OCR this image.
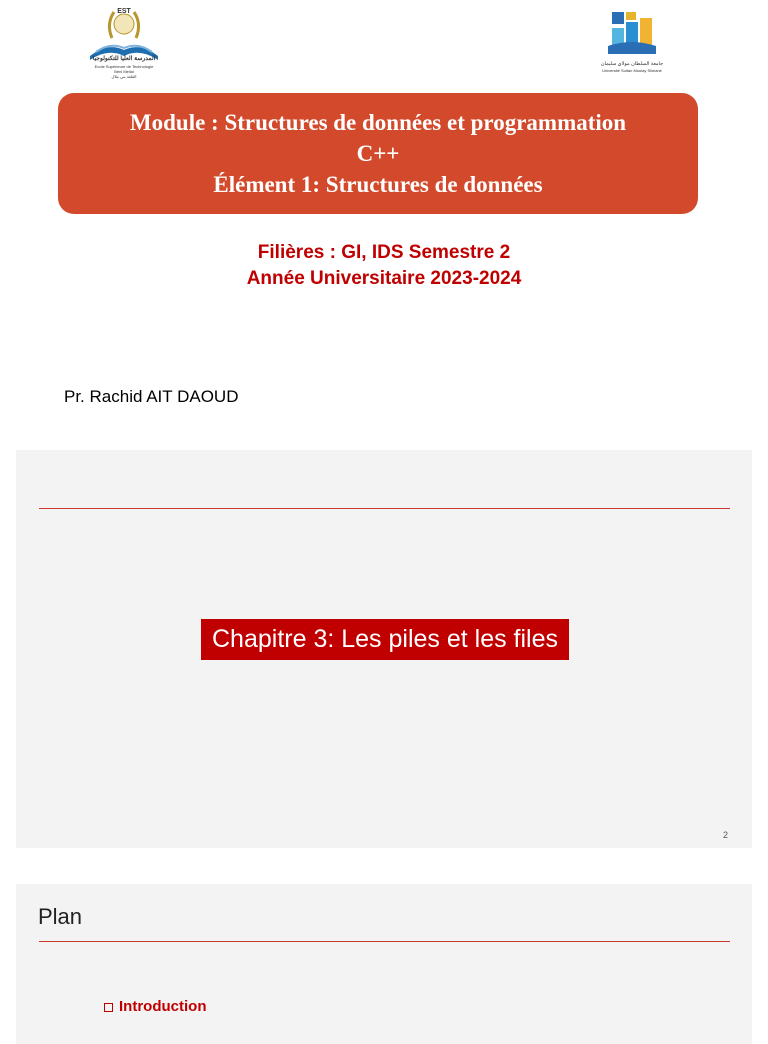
EST
المدرسة العليا للتكنولوجيا
Ecole Supérieure de Technologie
Béni Mellal
القلعة بني ملال
جامعة السلطان مولاي سليمان
Université Sultan Moulay Slimane
Module : Structures de données et programmation
C++
Élément 1: Structures de données
Filières : GI, IDS Semestre 2
Année Universitaire 2023-2024
Pr. Rachid AIT DAOUD
Chapitre 3: Les piles et les files
2
Plan
Introduction
